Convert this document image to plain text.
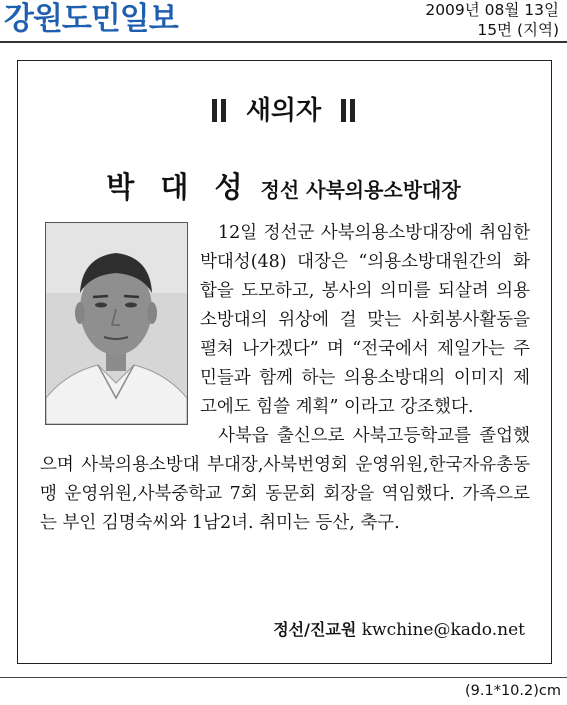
강원도민일보	2009년 08월 13일
15면 (지역)
새의자
박 대 성 정선 사북의용소방대장

12일 정선군 사북의용소방대장에 취임한 박대성(48) 대장은 “의용소방대원간의 화합을 도모하고, 봉사의 의미를 되살려 의용소방대의 위상에 걸 맞는 사회봉사활동을 펼쳐 나가겠다” 며 “전국에서 제일가는 주민들과 함께 하는 의용소방대의 이미지 제고에도 힘쓸 계획” 이라고 강조했다.

사북읍 출신으로 사북고등학교를 졸업했으며 사북의용소방대 부대장,사북번영회 운영위원,한국자유총동맹 운영위원,사북중학교 7회 동문회 회장을 역임했다. 가족으로는 부인 김명숙씨와 1남2녀. 취미는 등산, 축구.

정선/진교원 kwchine@kado.net
(9.1*10.2)cm
